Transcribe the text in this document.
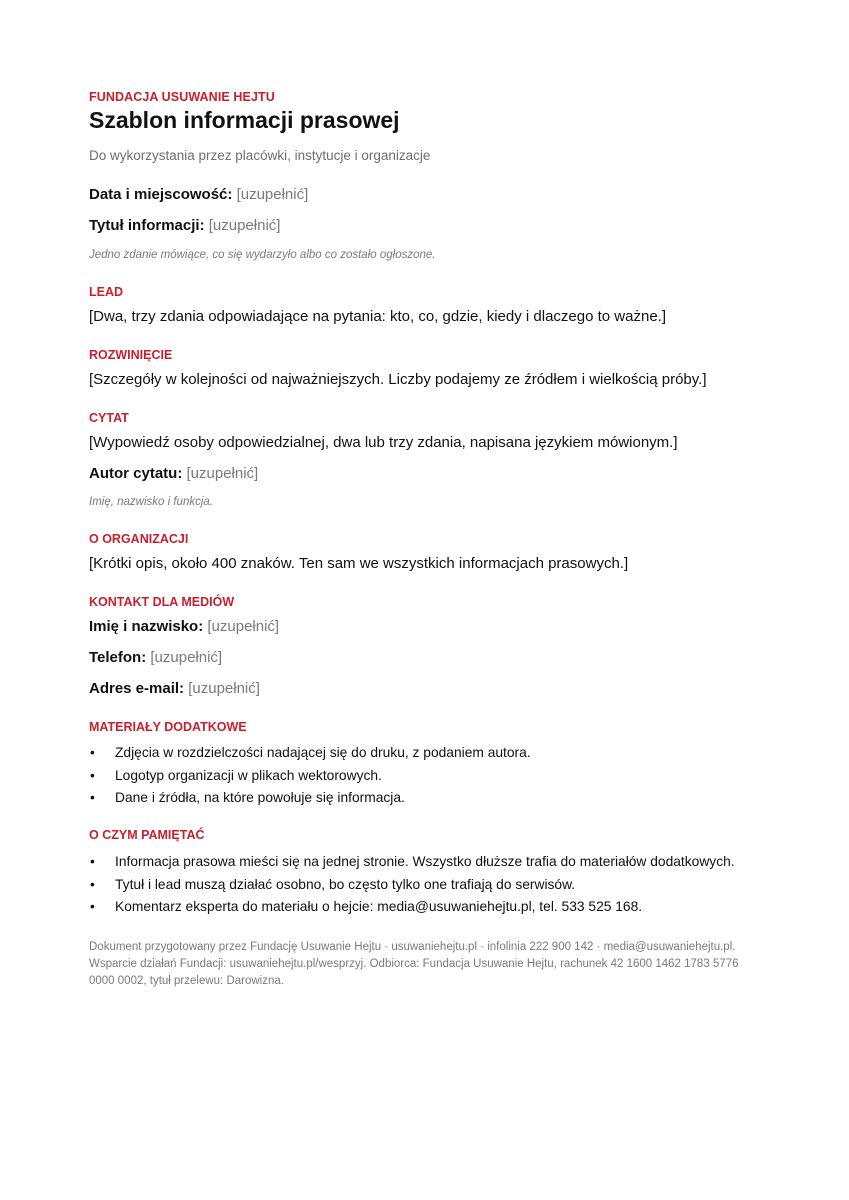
FUNDACJA USUWANIE HEJTU

Szablon informacji prasowej

Do wykorzystania przez placówki, instytucje i organizacje

Data i miejscowość: [uzupełnić]

Tytuł informacji: [uzupełnić]

Jedno zdanie mówiące, co się wydarzyło albo co zostało ogłoszone.

LEAD

[Dwa, trzy zdania odpowiadające na pytania: kto, co, gdzie, kiedy i dlaczego to ważne.]

ROZWINIĘCIE

[Szczegóły w kolejności od najważniejszych. Liczby podajemy ze źródłem i wielkością próby.]

CYTAT

[Wypowiedź osoby odpowiedzialnej, dwa lub trzy zdania, napisana językiem mówionym.]

Autor cytatu: [uzupełnić]

Imię, nazwisko i funkcja.

O ORGANIZACJI

[Krótki opis, około 400 znaków. Ten sam we wszystkich informacjach prasowych.]

KONTAKT DLA MEDIÓW

Imię i nazwisko: [uzupełnić]

Telefon: [uzupełnić]

Adres e-mail: [uzupełnić]

MATERIAŁY DODATKOWE

• Zdjęcia w rozdzielczości nadającej się do druku, z podaniem autora.
• Logotyp organizacji w plikach wektorowych.
• Dane i źródła, na które powołuje się informacja.

O CZYM PAMIĘTAĆ

• Informacja prasowa mieści się na jednej stronie. Wszystko dłuższe trafia do materiałów dodatkowych.
• Tytuł i lead muszą działać osobno, bo często tylko one trafiają do serwisów.
• Komentarz eksperta do materiału o hejcie: media@usuwaniehejtu.pl, tel. 533 525 168.

Dokument przygotowany przez Fundację Usuwanie Hejtu · usuwaniehejtu.pl · infolinia 222 900 142 · media@usuwaniehejtu.pl.

Wsparcie działań Fundacji: usuwaniehejtu.pl/wesprzyj. Odbiorca: Fundacja Usuwanie Hejtu, rachunek 42 1600 1462 1783 5776

0000 0002, tytuł przelewu: Darowizna.
